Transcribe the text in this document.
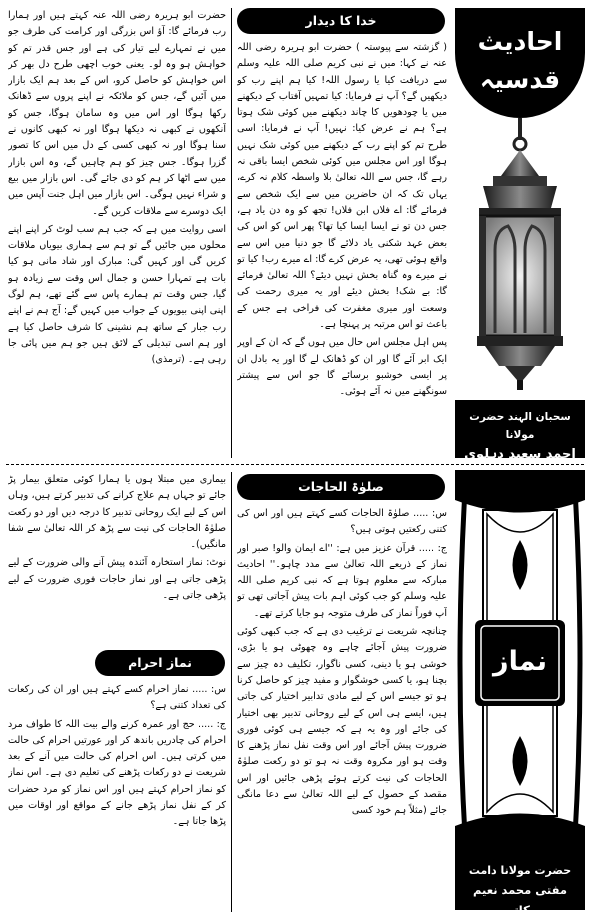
خدا کا دیدار

( گزشتہ سے پیوستہ ) حضرت ابو ہریرہ رضی اللہ عنہ نے کہا: میں نے نبی کریم صلی اللہ علیہ وسلم سے دریافت کیا یا رسول اللہ! کیا ہم اپنے رب کو دیکھیں گے؟ آپ نے فرمایا: کیا تمہیں آفتاب کے دیکھنے میں یا چودھویں کا چاند دیکھنے میں کوئی شک ہوتا ہے؟ ہم نے عرض کیا: نہیں! آپ نے فرمایا: اسی طرح تم کو اپنے رب کے دیکھنے میں کوئی شک نہیں ہوگا اور اس مجلس میں کوئی شخص ایسا باقی نہ رہے گا، جس سے اللہ تعالیٰ بلا واسطہ کلام نہ کرے، یہاں تک کہ ان حاضرین میں سے ایک شخص سے فرمائے گا: اے فلاں ابن فلاں! تجھ کو وہ دن یاد ہے، جس دن تو نے ایسا ایسا کیا تھا؟ پھر اس کو اس کی بعض عہد شکنی یاد دلائے گا جو دنیا میں اس سے واقع ہوئی تھی، یہ عرض کرے گا: اے میرے رب! کیا تو نے میرے وہ گناہ بخش نہیں دیئے؟ اللہ تعالیٰ فرمائے گا: بے شک! بخش دیئے اور یہ میری رحمت کی وسعت اور میری مغفرت کی فراخی ہے جس کے باعث تو اس مرتبہ پر پہنچا ہے۔

پس اہل مجلس اس حال میں ہوں گے کہ ان کے اوپر ایک ابر آئے گا اور ان کو ڈھانک لے گا اور یہ بادل ان پر ایسی خوشبو برسائے گا جو اس سے پیشتر سونگھنے میں نہ آئے ہوئی۔

حضرت ابو ہریرہ رضی اللہ عنہ کہتے ہیں اور ہمارا رب فرمائے گا: آؤ اس بزرگی اور کرامت کی طرف جو میں نے تمہارے لیے تیار کی ہے اور جس قدر تم کو خواہش ہو وہ لو۔ یعنی خوب اچھی طرح دل بھر کر اس خواہش کو حاصل کرو، اس کے بعد ہم ایک بازار میں آئیں گے، جس کو ملائکہ نے اپنے پروں سے ڈھانک رکھا ہوگا اور اس میں وہ سامان ہوگا، جس کو آنکھوں نے کبھی نہ دیکھا ہوگا اور نہ کبھی کانوں نے سنا ہوگا اور نہ کبھی کسی کے دل میں اس کا تصور گزرا ہوگا۔ جس چیز کو ہم چاہیں گے، وہ اس بازار میں سے اٹھا کر ہم کو دی جائے گی۔ اس بازار میں بیع و شراء نہیں ہوگی۔ اس بازار میں اہل جنت آپس میں ایک دوسرے سے ملاقات کریں گے۔

اسی روایت میں ہے کہ جب ہم سب لوٹ کر اپنے اپنے محلوں میں جائیں گے تو ہم سے ہماری بیویاں ملاقات کریں گی اور کہیں گی: مبارک اور شاد مانی ہو کیا بات ہے تمہارا حسن و جمال اس وقت سے زیادہ ہو گیا، جس وقت تم ہمارے پاس سے گئے تھے، ہم لوگ اپنی اپنی بیویوں کے جواب میں کہیں گے: آج ہم نے اپنے رب جبار کے ساتھ ہم نشینی کا شرف حاصل کیا ہے اور ہم اسی تبدیلی کے لائق ہیں جو ہم میں پائی جا رہی ہے۔ (ترمذی)

احادیث
قدسیہ
سحبان الہند حضرت مولانا
احمد سعید دہلوی
صلوٰۃ الحاجات

س: ..... صلوٰۃ الحاجات کسے کہتے ہیں اور اس کی کتنی رکعتیں ہوتی ہیں؟

ج: ..... قرآن عزیز میں ہے: ''اے ایمان والو! صبر اور نماز کے ذریعے اللہ تعالیٰ سے مدد چاہو۔'' احادیث مبارکہ سے معلوم ہوتا ہے کہ نبی کریم صلی اللہ علیہ وسلم کو جب کوئی اہم بات پیش آجاتی تھی تو آپ فوراً نماز کی طرف متوجہ ہو جایا کرتے تھے۔

چنانچہ شریعت نے ترغیب دی ہے کہ جب کبھی کوئی ضرورت پیش آجائے چاہے وہ چھوٹی ہو یا بڑی، خوشی ہو یا دینی، کسی ناگوار، تکلیف دہ چیز سے بچنا ہو، یا کسی خوشگوار و مفید چیز کو حاصل کرنا ہو تو جیسے اس کے لیے مادی تدابیر اختیار کی جاتی ہیں، ایسے ہی اس کے لیے روحانی تدبیر بھی اختیار کی جائے اور وہ یہ ہے کہ جیسے ہی کوئی فوری ضرورت پیش آجائے اور اس وقت نفل نماز پڑھنے کا وقت ہو اور مکروہ وقت نہ ہو تو دو رکعت صلوٰۃ الحاجات کی نیت کرتے ہوئے پڑھی جائیں اور اس مقصد کے حصول کے لیے اللہ تعالیٰ سے دعا مانگی جائے (مثلاً ہم خود کسی

بیماری میں مبتلا ہوں یا ہمارا کوئی متعلق بیمار پڑ جائے تو جہاں ہم علاج کرانے کی تدبیر کرتے ہیں، وہاں اس کے لیے ایک روحانی تدبیر کا درجہ دیں اور دو رکعت صلوٰۃ الحاجات کی نیت سے پڑھ کر اللہ تعالیٰ سے شفا مانگیں)۔

نوٹ: نماز استخارہ آئندہ پیش آنے والی ضرورت کے لیے پڑھی جاتی ہے اور نماز حاجات فوری ضرورت کے لیے پڑھی جاتی ہے۔

نماز احرام

س: ..... نماز احرام کسے کہتے ہیں اور ان کی رکعات کی تعداد کتنی ہے؟

ج: ..... حج اور عمرہ کرنے والے بیت اللہ کا طواف مرد احرام کی چادریں باندھ کر اور عورتیں احرام کی حالت میں کرتی ہیں۔ اس احرام کی حالت میں آنے کے بعد شریعت نے دو رکعات پڑھنے کی تعلیم دی ہے۔ اس نماز کو نماز احرام کہتے ہیں اور اس نماز کو مرد حضرات کر کے نفل نماز پڑھے جانے کے مواقع اور اوقات میں پڑھا جاتا ہے۔

نماز
حضرت مولانا دامت
مفتی محمد نعیم برکاتہم
